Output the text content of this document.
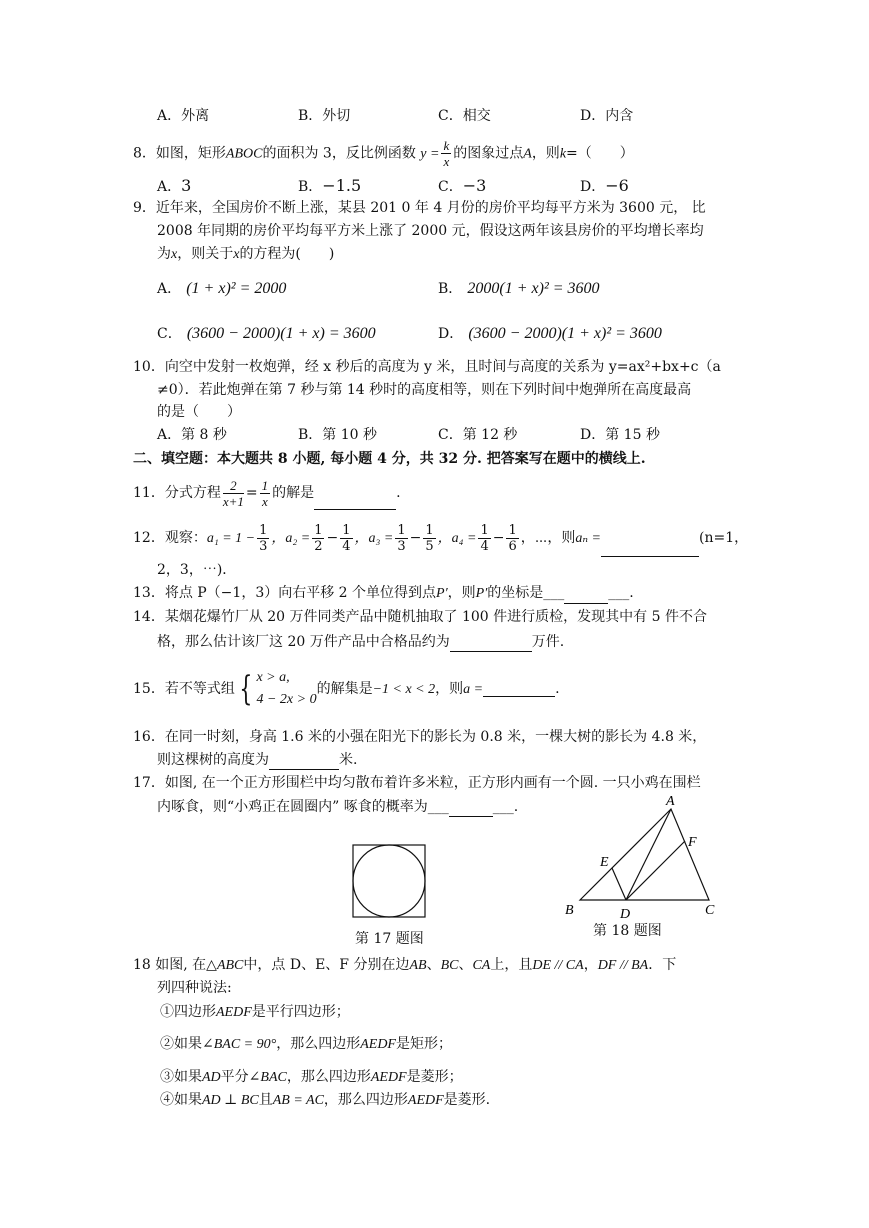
A．外离	B．外切	C．相交	D．内含
8．如图，矩形ABOC的面积为 3，反比例函数 $y = \frac{k}{x}$ 的图象过点A，则k=（　　）
A．3	B．−1.5	C．−3	D．−6
9．近年来，全国房价不断上涨，某县 201 0 年 4 月份的房价平均每平方米为 3600 元， 比
2008 年同期的房价平均每平方米上涨了 2000 元，假设这两年该县房价的平均增长率均
为x，则关于x的方程为(　　)
A． (1 + x)² = 2000	B． 2000(1 + x)² = 3600
C． (3600 − 2000)(1 + x) = 3600	D． (3600 − 2000)(1 + x)² = 3600
10．向空中发射一枚炮弹，经 x 秒后的高度为 y 米，且时间与高度的关系为 y=ax²+bx+c（a
≠0）．若此炮弹在第 7 秒与第 14 秒时的高度相等，则在下列时间中炮弹所在高度最高
的是（　　）
A．第 8 秒	B．第 10 秒	C．第 12 秒	D．第 15 秒
二、填空题：本大题共 8 小题, 每小题 4 分，共 32 分. 把答案写在题中的横线上.
11．分式方程 $\frac{2}{x+1} = \frac{1}{x}$ 的解是	.
12．观察：$a_1 = 1 - \frac{1}{3}$ ，$a_2 = \frac{1}{2} - \frac{1}{4}$ ，$a_3 = \frac{1}{3} - \frac{1}{5}$ ，$a_4 = \frac{1}{4} - \frac{1}{6}$ ，⋯，则aₙ =	(n=1，
2，3，⋯)．
13．将点 P（−1，3）向右平移 2 个单位得到点P′，则P′的坐标是___	___.
14．某烟花爆竹厂从 20 万件同类产品中随机抽取了 100 件进行质检，发现其中有 5 件不合
格，那么估计该厂这 20 万件产品中合格品约为	万件.
15．若不等式组 { x > a,
4 − 2x > 0
的解集是−1 < x < 2，则a =	.
16．在同一时刻，身高 1.6 米的小强在阳光下的影长为 0.8 米，一棵大树的影长为 4.8 米，
则这棵树的高度为	米.
17．如图, 在一个正方形围栏中均匀散布着许多米粒，正方形内画有一个圆. 一只小鸡在围栏
内啄食，则“小鸡正在圆圈内” 啄食的概率为___	___.
第 17 题图
A
B	C
D
E
F
第 18 题图
18 如图, 在△ABC中，点 D、E、F 分别在边AB、BC、CA上，且DE // CA，DF // BA．下
列四种说法:
①四边形AEDF是平行四边形；
②如果∠BAC = 90°，那么四边形AEDF是矩形；
③如果AD平分∠BAC，那么四边形AEDF是菱形；
④如果AD ⊥ BC且AB = AC，那么四边形AEDF是菱形.
